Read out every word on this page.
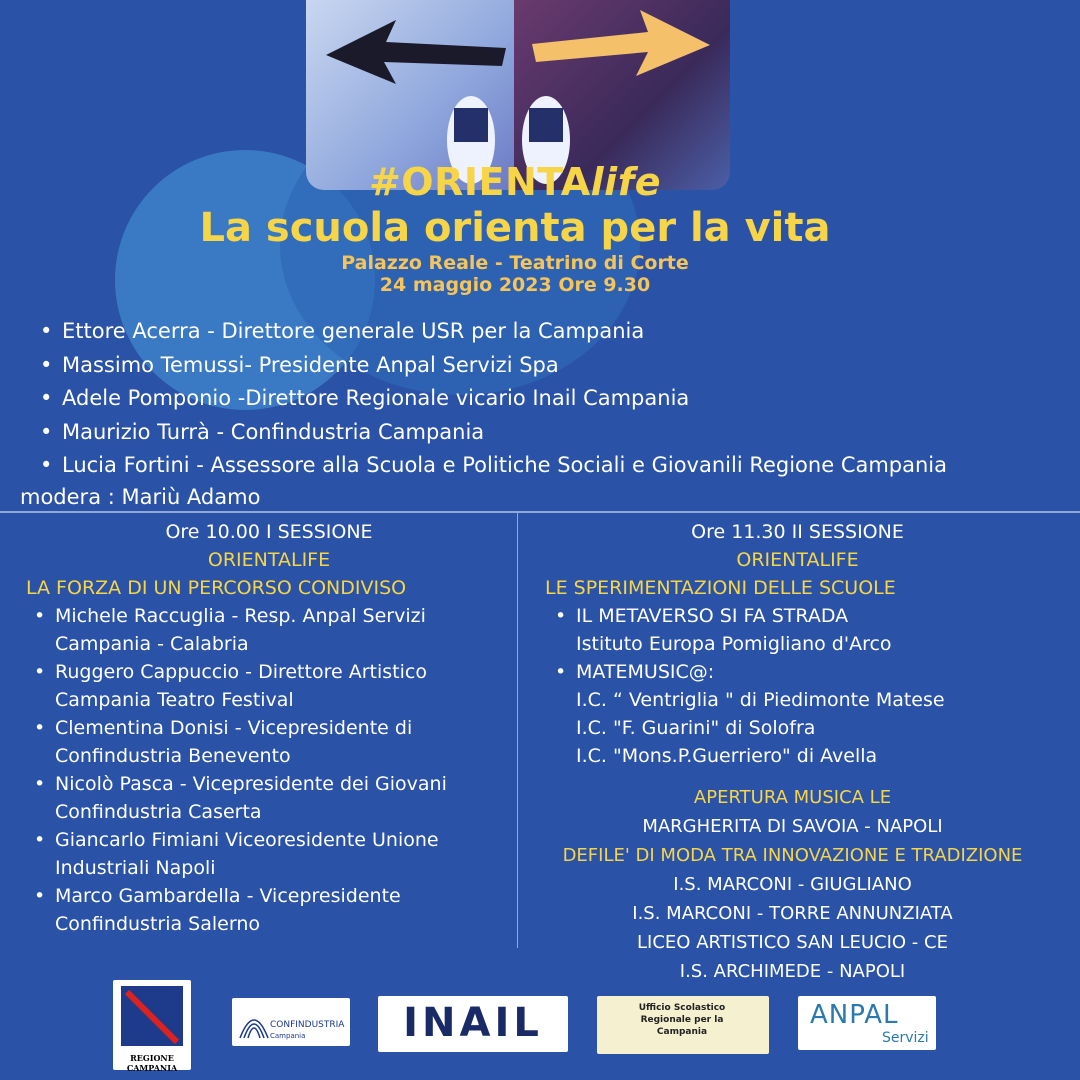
#ORIENTAlife
La scuola orienta per la vita
Palazzo Reale - Teatrino di Corte
24 maggio 2023 Ore 9.30
• Ettore Acerra - Direttore generale USR per la Campania
• Massimo Temussi- Presidente Anpal Servizi Spa
• Adele Pomponio -Direttore Regionale vicario Inail Campania
• Maurizio Turrà - Confindustria Campania
• Lucia Fortini - Assessore alla Scuola e Politiche Sociali e Giovanili Regione Campania
modera : Mariù Adamo
Ore 10.00 I SESSIONE
ORIENTALIFE
LA FORZA DI UN PERCORSO CONDIVISO
• Michele Raccuglia - Resp. Anpal Servizi
Campania - Calabria
• Ruggero Cappuccio - Direttore Artistico
Campania Teatro Festival
• Clementina Donisi - Vicepresidente di
Confindustria Benevento
• Nicolò Pasca - Vicepresidente dei Giovani
Confindustria Caserta
• Giancarlo Fimiani Viceoresidente Unione
Industriali Napoli
• Marco Gambardella - Vicepresidente
Confindustria Salerno
Ore 11.30 II SESSIONE
ORIENTALIFE
LE SPERIMENTAZIONI DELLE SCUOLE
• IL METAVERSO SI FA STRADA
Istituto Europa Pomigliano d'Arco
• MATEMUSIC@:
I.C. “ Ventriglia " di Piedimonte Matese
I.C. "F. Guarini" di Solofra
I.C. "Mons.P.Guerriero" di Avella
APERTURA MUSICA LE
MARGHERITA DI SAVOIA - NAPOLI
DEFILE' DI MODA TRA INNOVAZIONE E TRADIZIONE
I.S. MARCONI - GIUGLIANO
I.S. MARCONI - TORRE ANNUNZIATA
LICEO ARTISTICO SAN LEUCIO - CE
I.S. ARCHIMEDE - NAPOLI
REGIONE CAMPANIA
CONFINDUSTRIA
Campania	INAIL	Ufficio Scolastico Regionale per la Campania
ANPAL
Servizi
